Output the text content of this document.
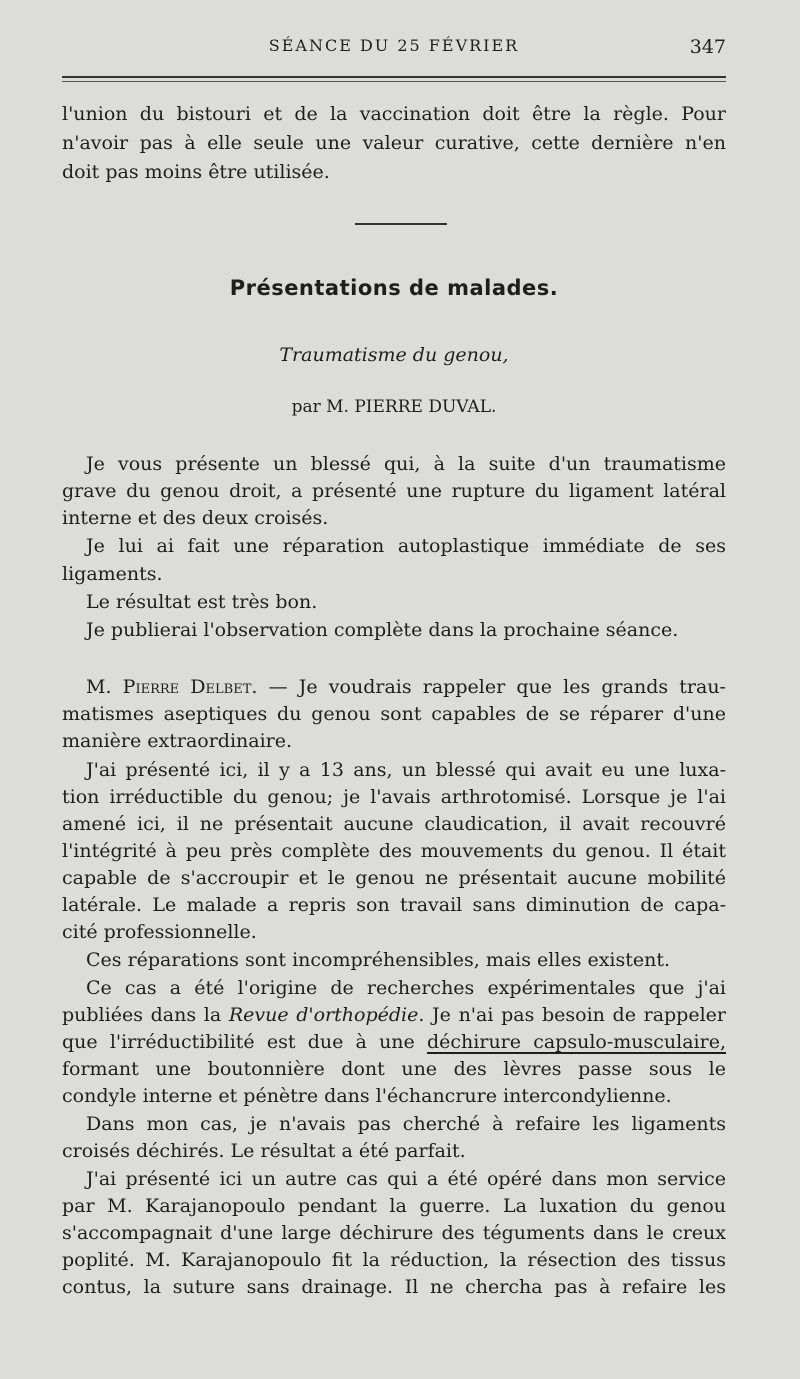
SÉANCE DU 25 FÉVRIER	347
l'union du bistouri et de la vaccination doit être la règle. Pour
n'avoir pas à elle seule une valeur curative, cette dernière n'en
doit pas moins être utilisée.
Présentations de malades.
Traumatisme du genou,
par M. PIERRE DUVAL.
Je vous présente un blessé qui, à la suite d'un traumatisme
grave du genou droit, a présenté une rupture du ligament latéral
interne et des deux croisés.
Je lui ai fait une réparation autoplastique immédiate de ses
ligaments.
Le résultat est très bon.
Je publierai l'observation complète dans la prochaine séance.
M. Pierre Delbet. — Je voudrais rappeler que les grands trau-
matismes aseptiques du genou sont capables de se réparer d'une
manière extraordinaire.
J'ai présenté ici, il y a 13 ans, un blessé qui avait eu une luxa-
tion irréductible du genou; je l'avais arthrotomisé. Lorsque je l'ai
amené ici, il ne présentait aucune claudication, il avait recouvré
l'intégrité à peu près complète des mouvements du genou. Il était
capable de s'accroupir et le genou ne présentait aucune mobilité
latérale. Le malade a repris son travail sans diminution de capa-
cité professionnelle.
Ces réparations sont incompréhensibles, mais elles existent.
Ce cas a été l'origine de recherches expérimentales que j'ai
publiées dans la Revue d'orthopédie. Je n'ai pas besoin de rappeler
que l'irréductibilité est due à une déchirure capsulo-musculaire,
formant une boutonnière dont une des lèvres passe sous le
condyle interne et pénètre dans l'échancrure intercondylienne.
Dans mon cas, je n'avais pas cherché à refaire les ligaments
croisés déchirés. Le résultat a été parfait.
J'ai présenté ici un autre cas qui a été opéré dans mon service
par M. Karajanopoulo pendant la guerre. La luxation du genou
s'accompagnait d'une large déchirure des téguments dans le creux
poplité. M. Karajanopoulo fit la réduction, la résection des tissus
contus, la suture sans drainage. Il ne chercha pas à refaire les
